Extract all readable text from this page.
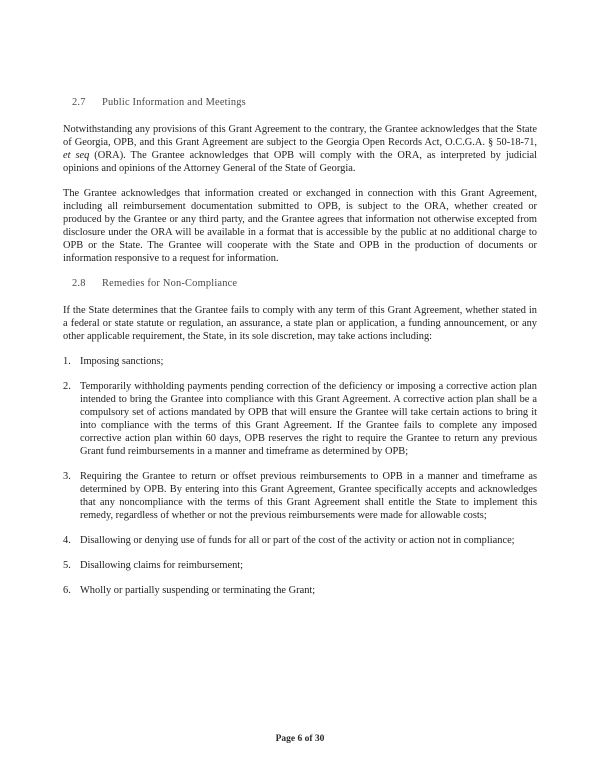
2.7 Public Information and Meetings

Notwithstanding any provisions of this Grant Agreement to the contrary, the Grantee acknowledges that the State of Georgia, OPB, and this Grant Agreement are subject to the Georgia Open Records Act, O.C.G.A. § 50-18-71, et seq (ORA). The Grantee acknowledges that OPB will comply with the ORA, as interpreted by judicial opinions and opinions of the Attorney General of the State of Georgia.

The Grantee acknowledges that information created or exchanged in connection with this Grant Agreement, including all reimbursement documentation submitted to OPB, is subject to the ORA, whether created or produced by the Grantee or any third party, and the Grantee agrees that information not otherwise excepted from disclosure under the ORA will be available in a format that is accessible by the public at no additional charge to OPB or the State. The Grantee will cooperate with the State and OPB in the production of documents or information responsive to a request for information.

2.8 Remedies for Non-Compliance

If the State determines that the Grantee fails to comply with any term of this Grant Agreement, whether stated in a federal or state statute or regulation, an assurance, a state plan or application, a funding announcement, or any other applicable requirement, the State, in its sole discretion, may take actions including:

1. Imposing sanctions;
2. Temporarily withholding payments pending correction of the deficiency or imposing a corrective action plan intended to bring the Grantee into compliance with this Grant Agreement. A corrective action plan shall be a compulsory set of actions mandated by OPB that will ensure the Grantee will take certain actions to bring it into compliance with the terms of this Grant Agreement. If the Grantee fails to complete any imposed corrective action plan within 60 days, OPB reserves the right to require the Grantee to return any previous Grant fund reimbursements in a manner and timeframe as determined by OPB;
3. Requiring the Grantee to return or offset previous reimbursements to OPB in a manner and timeframe as determined by OPB. By entering into this Grant Agreement, Grantee specifically accepts and acknowledges that any noncompliance with the terms of this Grant Agreement shall entitle the State to implement this remedy, regardless of whether or not the previous reimbursements were made for allowable costs;
4. Disallowing or denying use of funds for all or part of the cost of the activity or action not in compliance;
5. Disallowing claims for reimbursement;
6. Wholly or partially suspending or terminating the Grant;
Page 6 of 30
